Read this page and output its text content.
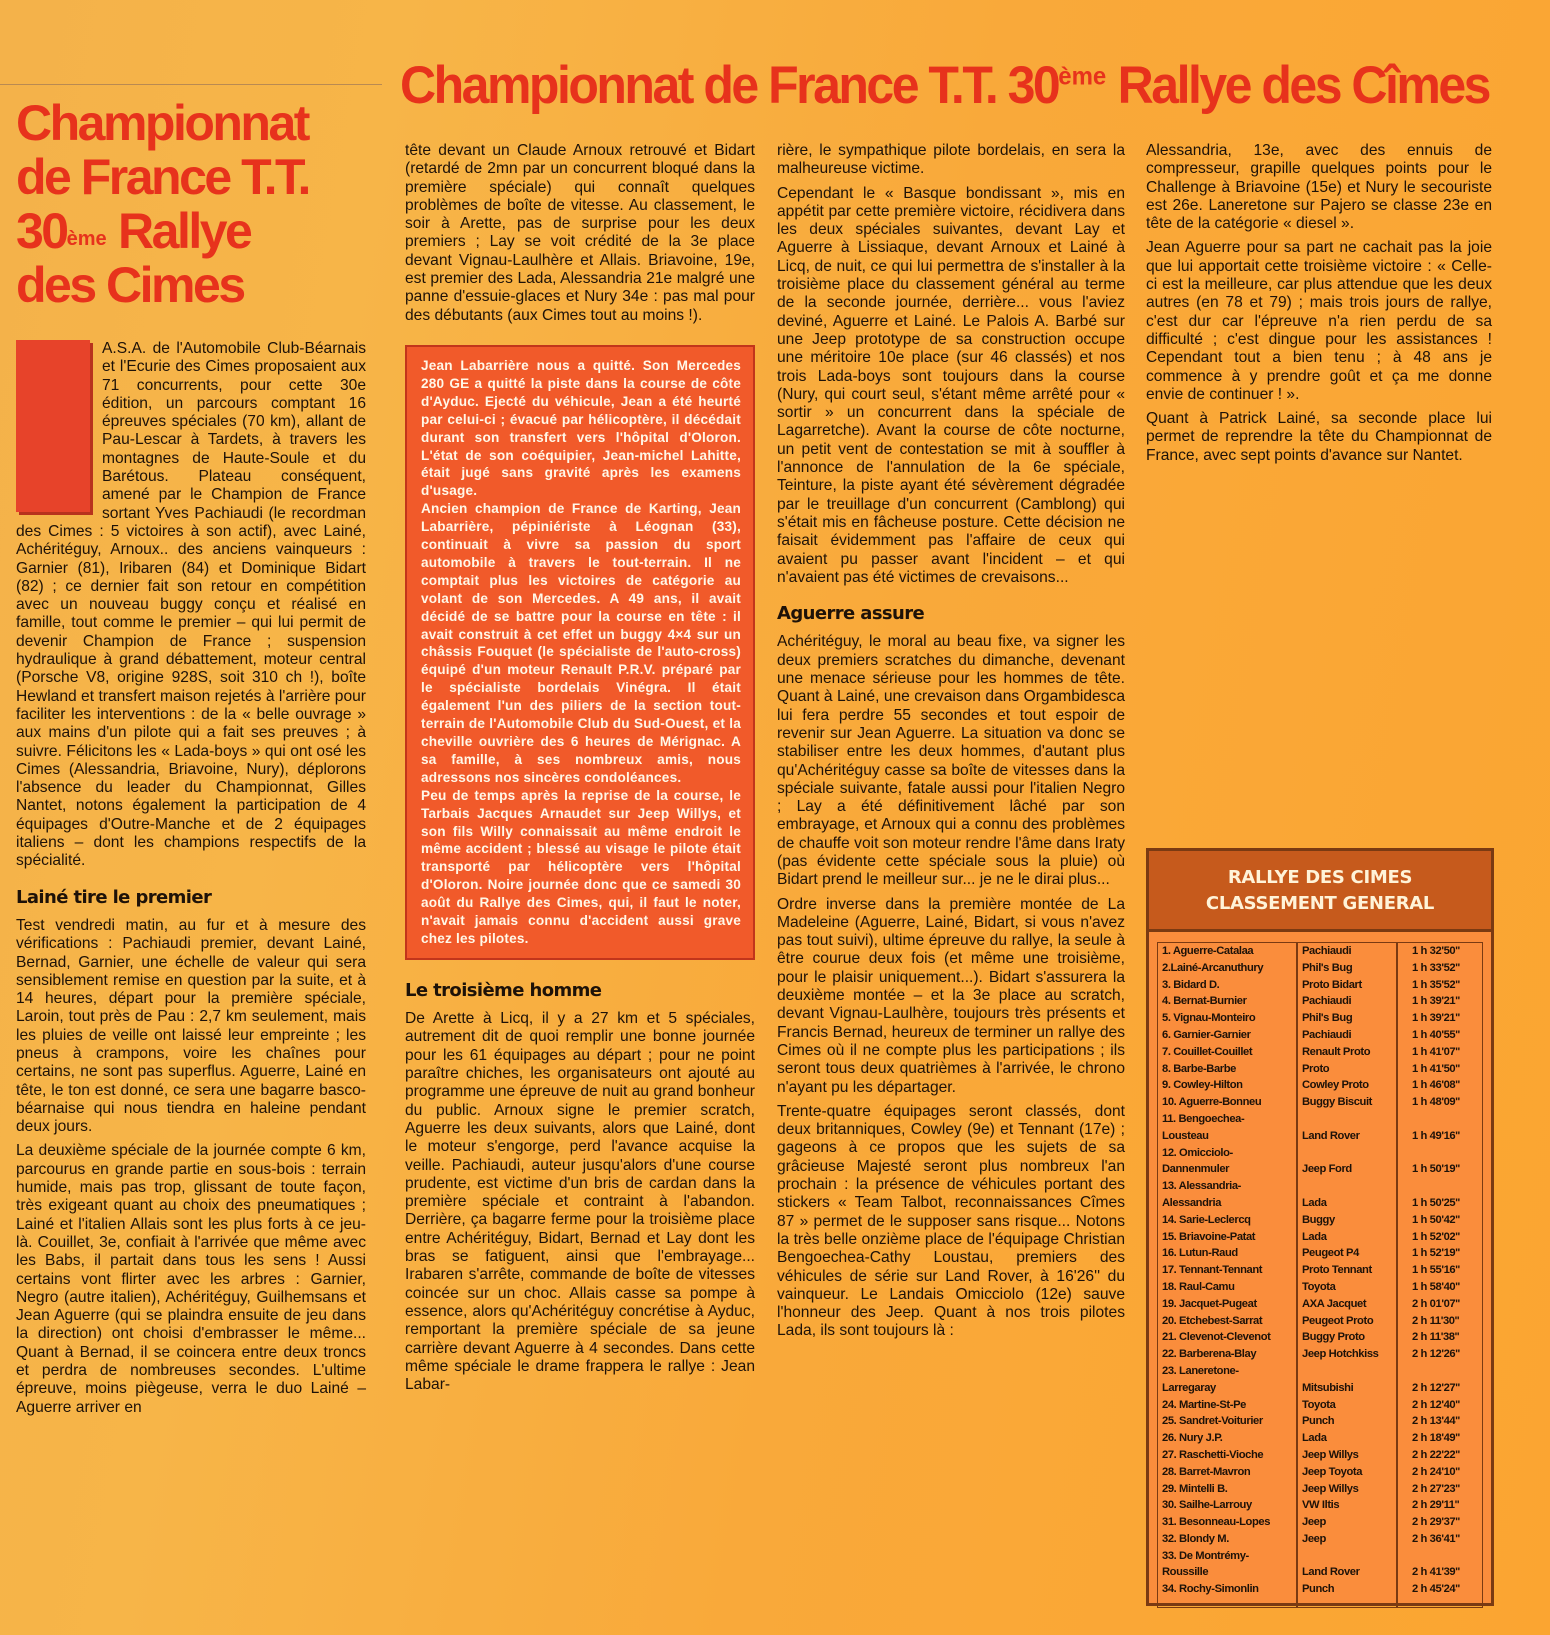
Championnat de France T.T. 30ème Rallye des Cîmes
Championnat
de France T.T.
30ème Rallye
des Cimes

A.S.A. de l'Automobile Club-Béarnais et l'Ecurie des Cimes proposaient aux 71 concurrents, pour cette 30e édition, un parcours comptant 16 épreuves spéciales (70 km), allant de Pau-Lescar à Tardets, à travers les montagnes de Haute-Soule et du Barétous. Plateau conséquent, amené par le Champion de France sortant Yves Pachiaudi (le recordman des Cimes : 5 victoires à son actif), avec Lainé, Achéritéguy, Arnoux.. des anciens vainqueurs : Garnier (81), Iribaren (84) et Dominique Bidart (82) ; ce dernier fait son retour en compétition avec un nouveau buggy conçu et réalisé en famille, tout comme le premier – qui lui permit de devenir Champion de France ; suspension hydraulique à grand débattement, moteur central (Porsche V8, origine 928S, soit 310 ch !), boîte Hewland et transfert maison rejetés à l'arrière pour faciliter les interventions : de la « belle ouvrage » aux mains d'un pilote qui a fait ses preuves ; à suivre. Félicitons les « Lada-boys » qui ont osé les Cimes (Alessandria, Briavoine, Nury), déplorons l'absence du leader du Championnat, Gilles Nantet, notons également la participation de 4 équipages d'Outre-Manche et de 2 équipages italiens – dont les champions respectifs de la spécialité.

Lainé tire le premier

Test vendredi matin, au fur et à mesure des vérifications : Pachiaudi premier, devant Lainé, Bernad, Garnier, une échelle de valeur qui sera sensiblement remise en question par la suite, et à 14 heures, départ pour la première spéciale, Laroin, tout près de Pau : 2,7 km seulement, mais les pluies de veille ont laissé leur empreinte ; les pneus à crampons, voire les chaînes pour certains, ne sont pas superflus. Aguerre, Lainé en tête, le ton est donné, ce sera une bagarre basco-béarnaise qui nous tiendra en haleine pendant deux jours.

La deuxième spéciale de la journée compte 6 km, parcourus en grande partie en sous-bois : terrain humide, mais pas trop, glissant de toute façon, très exigeant quant au choix des pneumatiques ; Lainé et l'italien Allais sont les plus forts à ce jeu-là. Couillet, 3e, confiait à l'arrivée que même avec les Babs, il partait dans tous les sens ! Aussi certains vont flirter avec les arbres : Garnier, Negro (autre italien), Achéritéguy, Guilhemsans et Jean Aguerre (qui se plaindra ensuite de jeu dans la direction) ont choisi d'embrasser le même... Quant à Bernad, il se coincera entre deux troncs et perdra de nombreuses secondes. L'ultime épreuve, moins piègeuse, verra le duo Lainé – Aguerre arriver en

tête devant un Claude Arnoux retrouvé et Bidart (retardé de 2mn par un concurrent bloqué dans la première spéciale) qui connaît quelques problèmes de boîte de vitesse. Au classement, le soir à Arette, pas de surprise pour les deux premiers ; Lay se voit crédité de la 3e place devant Vignau-Laulhère et Allais. Briavoine, 19e, est premier des Lada, Alessandria 21e malgré une panne d'essuie-glaces et Nury 34e : pas mal pour des débutants (aux Cimes tout au moins !).

Jean Labarrière nous a quitté. Son Mercedes 280 GE a quitté la piste dans la course de côte d'Ayduc. Ejecté du véhicule, Jean a été heurté par celui-ci ; évacué par hélicoptère, il décédait durant son transfert vers l'hôpital d'Oloron. L'état de son coéquipier, Jean-michel Lahitte, était jugé sans gravité après les examens d'usage.

Ancien champion de France de Karting, Jean Labarrière, pépiniériste à Léognan (33), continuait à vivre sa passion du sport automobile à travers le tout-terrain. Il ne comptait plus les victoires de catégorie au volant de son Mercedes. A 49 ans, il avait décidé de se battre pour la course en tête : il avait construit à cet effet un buggy 4×4 sur un châssis Fouquet (le spécialiste de l'auto-cross) équipé d'un moteur Renault P.R.V. préparé par le spécialiste bordelais Vinégra. Il était également l'un des piliers de la section tout-terrain de l'Automobile Club du Sud-Ouest, et la cheville ouvrière des 6 heures de Mérignac. A sa famille, à ses nombreux amis, nous adressons nos sincères condoléances.

Peu de temps après la reprise de la course, le Tarbais Jacques Arnaudet sur Jeep Willys, et son fils Willy connaissait au même endroit le même accident ; blessé au visage le pilote était transporté par hélicoptère vers l'hôpital d'Oloron. Noire journée donc que ce samedi 30 août du Rallye des Cimes, qui, il faut le noter, n'avait jamais connu d'accident aussi grave chez les pilotes.

Le troisième homme

De Arette à Licq, il y a 27 km et 5 spéciales, autrement dit de quoi remplir une bonne journée pour les 61 équipages au départ ; pour ne point paraître chiches, les organisateurs ont ajouté au programme une épreuve de nuit au grand bonheur du public. Arnoux signe le premier scratch, Aguerre les deux suivants, alors que Lainé, dont le moteur s'engorge, perd l'avance acquise la veille. Pachiaudi, auteur jusqu'alors d'une course prudente, est victime d'un bris de cardan dans la première spéciale et contraint à l'abandon. Derrière, ça bagarre ferme pour la troisième place entre Achéritéguy, Bidart, Bernad et Lay dont les bras se fatiguent, ainsi que l'embrayage... Irabaren s'arrête, commande de boîte de vitesses coincée sur un choc. Allais casse sa pompe à essence, alors qu'Achéritéguy concrétise à Ayduc, remportant la première spéciale de sa jeune carrière devant Aguerre à 4 secondes. Dans cette même spéciale le drame frappera le rallye : Jean Labar-

rière, le sympathique pilote bordelais, en sera la malheureuse victime.

Cependant le « Basque bondissant », mis en appétit par cette première victoire, récidivera dans les deux spéciales suivantes, devant Lay et Aguerre à Lissiaque, devant Arnoux et Lainé à Licq, de nuit, ce qui lui permettra de s'installer à la troisième place du classement général au terme de la seconde journée, derrière... vous l'aviez deviné, Aguerre et Lainé. Le Palois A. Barbé sur une Jeep prototype de sa construction occupe une méritoire 10e place (sur 46 classés) et nos trois Lada-boys sont toujours dans la course (Nury, qui court seul, s'étant même arrêté pour « sortir » un concurrent dans la spéciale de Lagarretche). Avant la course de côte nocturne, un petit vent de contestation se mit à souffler à l'annonce de l'annulation de la 6e spéciale, Teinture, la piste ayant été sévèrement dégradée par le treuillage d'un concurrent (Camblong) qui s'était mis en fâcheuse posture. Cette décision ne faisait évidemment pas l'affaire de ceux qui avaient pu passer avant l'incident – et qui n'avaient pas été victimes de crevaisons...

Aguerre assure

Achéritéguy, le moral au beau fixe, va signer les deux premiers scratches du dimanche, devenant une menace sérieuse pour les hommes de tête. Quant à Lainé, une crevaison dans Orgambidesca lui fera perdre 55 secondes et tout espoir de revenir sur Jean Aguerre. La situation va donc se stabiliser entre les deux hommes, d'autant plus qu'Achéritéguy casse sa boîte de vitesses dans la spéciale suivante, fatale aussi pour l'italien Negro ; Lay a été définitivement lâché par son embrayage, et Arnoux qui a connu des problèmes de chauffe voit son moteur rendre l'âme dans Iraty (pas évidente cette spéciale sous la pluie) où Bidart prend le meilleur sur... je ne le dirai plus...

Ordre inverse dans la première montée de La Madeleine (Aguerre, Lainé, Bidart, si vous n'avez pas tout suivi), ultime épreuve du rallye, la seule à être courue deux fois (et même une troisième, pour le plaisir uniquement...). Bidart s'assurera la deuxième montée – et la 3e place au scratch, devant Vignau-Laulhère, toujours très présents et Francis Bernad, heureux de terminer un rallye des Cimes où il ne compte plus les participations ; ils seront tous deux quatrièmes à l'arrivée, le chrono n'ayant pu les départager.

Trente-quatre équipages seront classés, dont deux britanniques, Cowley (9e) et Tennant (17e) ; gageons à ce propos que les sujets de sa grâcieuse Majesté seront plus nombreux l'an prochain : la présence de véhicules portant des stickers « Team Talbot, reconnaissances Cîmes 87 » permet de le supposer sans risque... Notons la très belle onzième place de l'équipage Christian Bengoechea-Cathy Loustau, premiers des véhicules de série sur Land Rover, à 16'26'' du vainqueur. Le Landais Omicciolo (12e) sauve l'honneur des Jeep. Quant à nos trois pilotes Lada, ils sont toujours là :

Alessandria, 13e, avec des ennuis de compresseur, grapille quelques points pour le Challenge à Briavoine (15e) et Nury le secouriste est 26e. Laneretone sur Pajero se classe 23e en tête de la catégorie « diesel ».

Jean Aguerre pour sa part ne cachait pas la joie que lui apportait cette troisième victoire : « Celle-ci est la meilleure, car plus attendue que les deux autres (en 78 et 79) ; mais trois jours de rallye, c'est dur car l'épreuve n'a rien perdu de sa difficulté ; c'est dingue pour les assistances ! Cependant tout a bien tenu ; à 48 ans je commence à y prendre goût et ça me donne envie de continuer ! ».

Quant à Patrick Lainé, sa seconde place lui permet de reprendre la tête du Championnat de France, avec sept points d'avance sur Nantet.

RALLYE DES CIMES
CLASSEMENT GENERAL
1. Aguerre-Catalaa	Pachiaudi	1 h 32'50''
2.Lainé-Arcanuthury	Phil's Bug	1 h 33'52''
3. Bidard D.	Proto Bidart	1 h 35'52''
4. Bernat-Burnier	Pachiaudi	1 h 39'21''
5. Vignau-Monteiro	Phil's Bug	1 h 39'21''
6. Garnier-Garnier	Pachiaudi	1 h 40'55''
7. Couillet-Couillet	Renault Proto	1 h 41'07''
8. Barbe-Barbe	Proto	1 h 41'50''
9. Cowley-Hilton	Cowley Proto	1 h 46'08''
10. Aguerre-Bonneu	Buggy Biscuit	1 h 48'09''
11. Bengoechea-
Lousteau	Land Rover	1 h 49'16''
12. Omicciolo-
Dannenmuler	Jeep Ford	1 h 50'19''
13. Alessandria-
Alessandria	Lada	1 h 50'25''
14. Sarie-Leclercq	Buggy	1 h 50'42''
15. Briavoine-Patat	Lada	1 h 52'02''
16. Lutun-Raud	Peugeot P4	1 h 52'19''
17. Tennant-Tennant	Proto Tennant	1 h 55'16''
18. Raul-Camu	Toyota	1 h 58'40''
19. Jacquet-Pugeat	AXA Jacquet	2 h 01'07''
20. Etchebest-Sarrat	Peugeot Proto	2 h 11'30''
21. Clevenot-Clevenot	Buggy Proto	2 h 11'38''
22. Barberena-Blay	Jeep Hotchkiss	2 h 12'26''
23. Laneretone-
Larregaray	Mitsubishi	2 h 12'27''
24. Martine-St-Pe	Toyota	2 h 12'40''
25. Sandret-Voiturier	Punch	2 h 13'44''
26. Nury J.P.	Lada	2 h 18'49''
27. Raschetti-Vioche	Jeep Willys	2 h 22'22''
28. Barret-Mavron	Jeep Toyota	2 h 24'10''
29. Mintelli B.	Jeep Willys	2 h 27'23''
30. Sailhe-Larrouy	VW Iltis	2 h 29'11''
31. Besonneau-Lopes	Jeep	2 h 29'37''
32. Blondy M.	Jeep	2 h 36'41''
33. De Montrémy-
Roussille	Land Rover	2 h 41'39''
34. Rochy-Simonlin	Punch	2 h 45'24''
